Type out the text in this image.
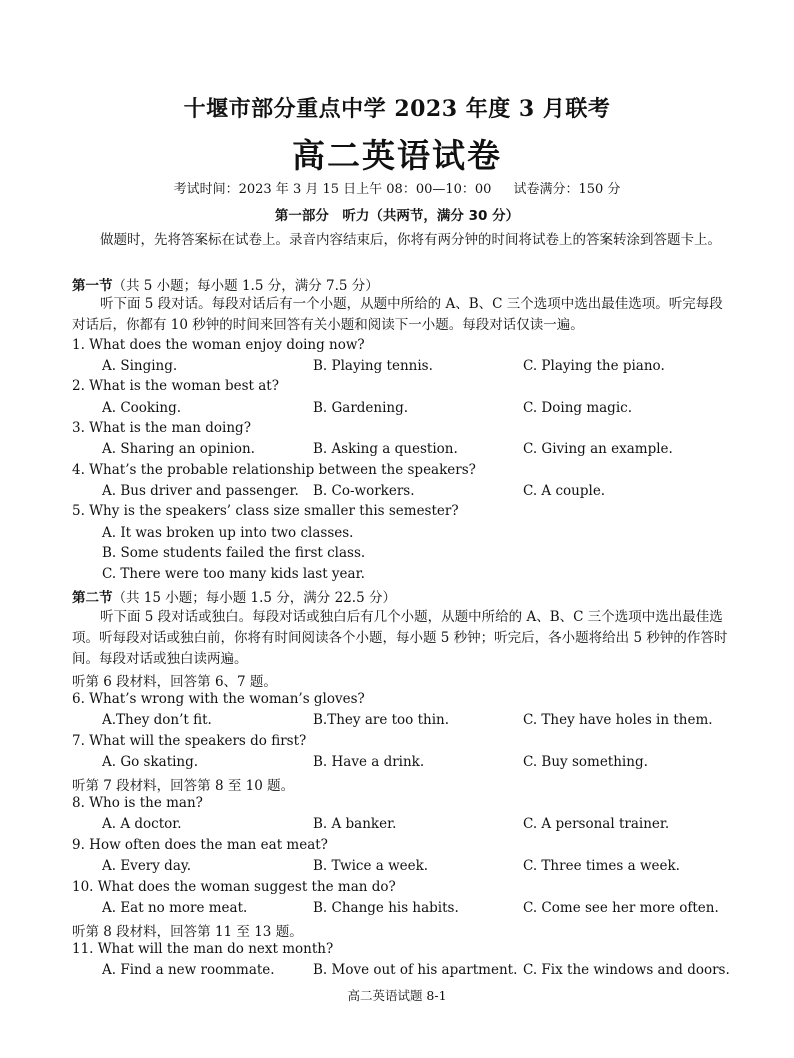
十堰市部分重点中学 2023 年度 3 月联考
高二英语试卷
考试时间：2023 年 3 月 15 日上午 08：00—10：00 试卷满分：150 分
第一部分　听力（共两节，满分 30 分）

做题时，先将答案标在试卷上。录音内容结束后，你将有两分钟的时间将试卷上的答案转涂到答题卡上。

第一节（共 5 小题；每小题 1.5 分，满分 7.5 分）

听下面 5 段对话。每段对话后有一个小题，从题中所给的 A、B、C 三个选项中选出最佳选项。听完每段对话后，你都有 10 秒钟的时间来回答有关小题和阅读下一小题。每段对话仅读一遍。

1. What does the woman enjoy doing now?
A. Singing.	B. Playing tennis.	C. Playing the piano.
2. What is the woman best at?
A. Cooking.	B. Gardening.	C. Doing magic.
3. What is the man doing?
A. Sharing an opinion.	B. Asking a question.	C. Giving an example.
4. What’s the probable relationship between the speakers?
A. Bus driver and passenger. B. Co-workers.	C. A couple.
5. Why is the speakers’ class size smaller this semester?
A. It was broken up into two classes.
B. Some students failed the first class.
C. There were too many kids last year.
第二节（共 15 小题；每小题 1.5 分，满分 22.5 分）

听下面 5 段对话或独白。每段对话或独白后有几个小题，从题中所给的 A、B、C 三个选项中选出最佳选项。听每段对话或独白前，你将有时间阅读各个小题，每小题 5 秒钟；听完后，各小题将给出 5 秒钟的作答时间。每段对话或独白读两遍。

听第 6 段材料，回答第 6、7 题。
6. What’s wrong with the woman’s gloves?
A.They don’t fit.	B.They are too thin.	C. They have holes in them.
7. What will the speakers do first?
A. Go skating.	B. Have a drink.	C. Buy something.
听第 7 段材料，回答第 8 至 10 题。
8. Who is the man?
A. A doctor.	B. A banker.	C. A personal trainer.
9. How often does the man eat meat?
A. Every day.	B. Twice a week.	C. Three times a week.
10. What does the woman suggest the man do?
A. Eat no more meat.	B. Change his habits.	C. Come see her more often.
听第 8 段材料，回答第 11 至 13 题。
11. What will the man do next month?
A. Find a new roommate.	B. Move out of his apartment. C. Fix the windows and doors.
高二英语试题 8-1
